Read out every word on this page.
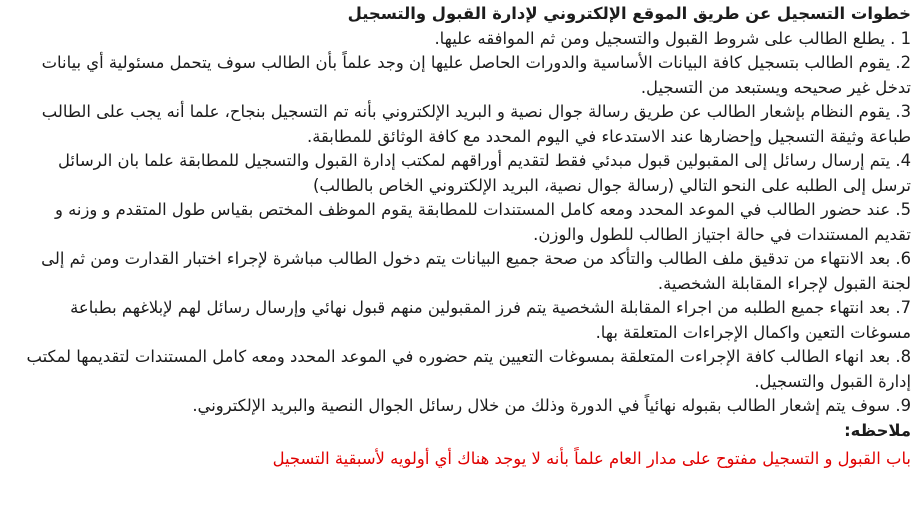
خطوات التسجيل عن طريق الموقع الإلكتروني لإدارة القبول والتسجيل

1 . يطلع الطالب على شروط القبول والتسجيل ومن ثم الموافقه عليها.

2. يقوم الطالب بتسجيل كافة البيانات الأساسية والدورات الحاصل عليها إن وجد علماً بأن الطالب سوف يتحمل مسئولية أي بيانات تدخل غير صحيحه ويستبعد من التسجيل.

3. يقوم النظام بإشعار الطالب عن طريق رسالة جوال نصية و البريد الإلكتروني بأنه تم التسجيل بنجاح، علما أنه يجب على الطالب طباعة وثيقة التسجيل وإحضارها عند الاستدعاء في اليوم المحدد مع كافة الوثائق للمطابقة.

4. يتم إرسال رسائل إلى المقبولين قبول مبدئي فقط لتقديم أوراقهم لمكتب إدارة القبول والتسجيل للمطابقة علما بان الرسائل ترسل إلى الطلبه على النحو التالي (رسالة جوال نصية، البريد الإلكتروني الخاص بالطالب)

5. عند حضور الطالب في الموعد المحدد ومعه كامل المستندات للمطابقة يقوم الموظف المختص بقياس طول المتقدم و وزنه و تقديم المستندات في حالة اجتياز الطالب للطول والوزن.

6. بعد الانتهاء من تدقيق ملف الطالب والتأكد من صحة جميع البيانات يتم دخول الطالب مباشرة لإجراء اختبار القدارت ومن ثم إلى لجنة القبول لإجراء المقابلة الشخصية.

7. بعد انتهاء جميع الطلبه من اجراء المقابلة الشخصية يتم فرز المقبولين منهم قبول نهائي وإرسال رسائل لهم لإبلاغهم بطباعة مسوغات التعين واكمال الإجراءات المتعلقة بها.

8. بعد انهاء الطالب كافة الإجراءت المتعلقة بمسوغات التعيين يتم حضوره في الموعد المحدد ومعه كامل المستندات لتقديمها لمكتب إدارة القبول والتسجيل.

9. سوف يتم إشعار الطالب بقبوله نهائياً في الدورة وذلك من خلال رسائل الجوال النصية والبريد الإلكتروني.

ملاحظه:

باب القبول و التسجيل مفتوح على مدار العام علماً بأنه لا يوجد هناك أي أولويه لأسبقية التسجيل
